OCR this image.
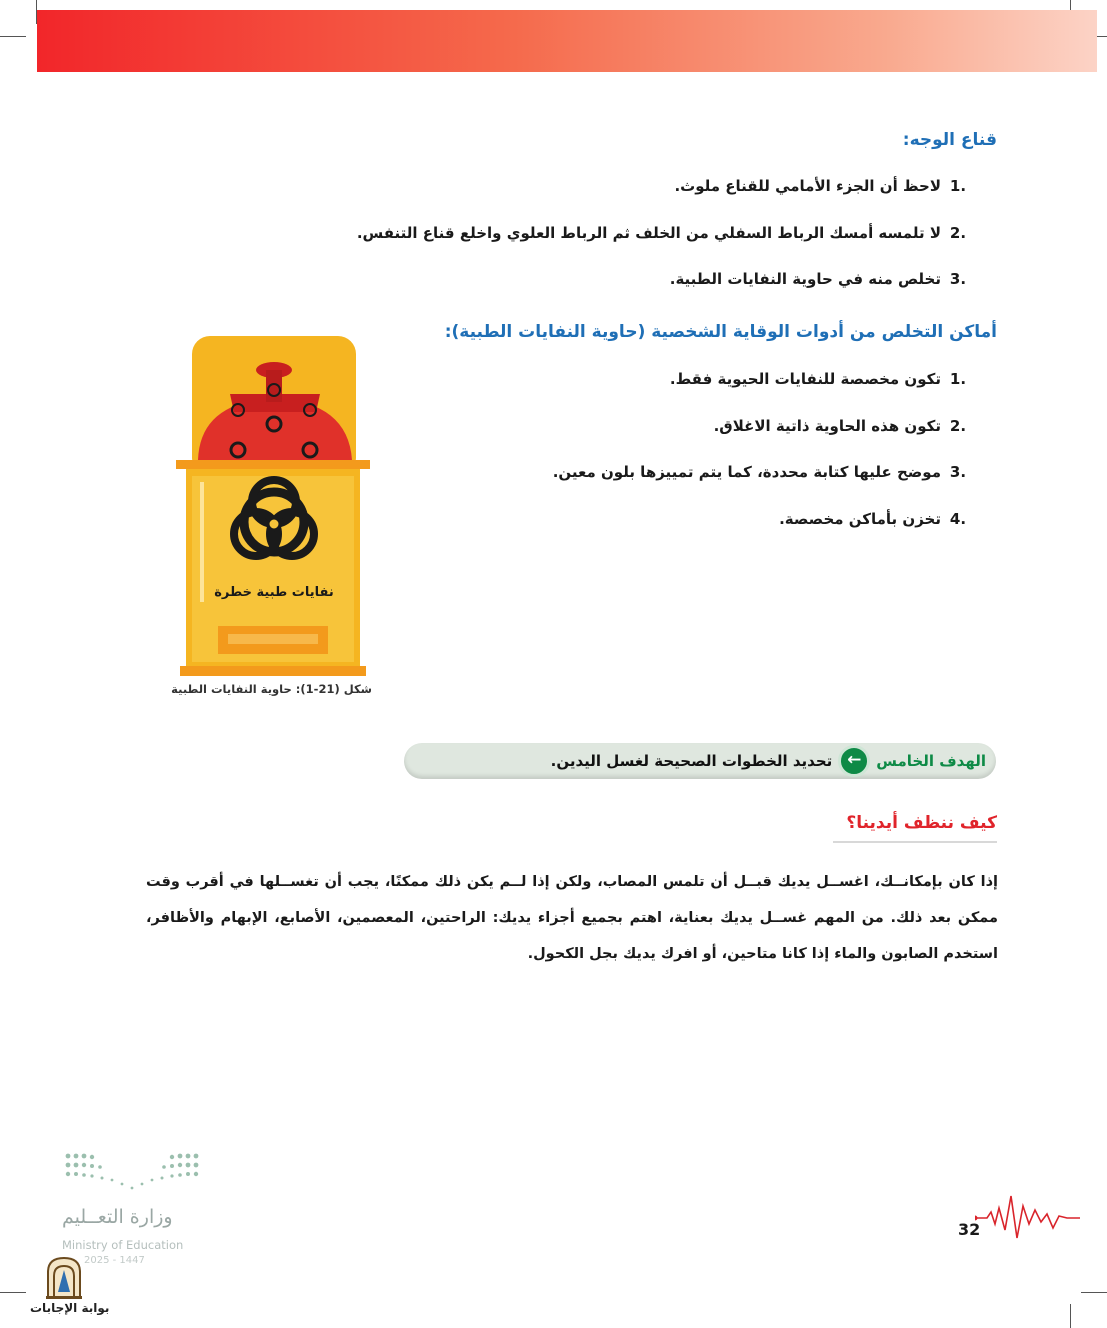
قناع الوجه:
1.
لاحظ أن الجزء الأمامي للقناع ملوث.
2.
لا تلمسه أمسك الرباط السفلي من الخلف ثم الرباط العلوي واخلع قناع التنفس.
3.
تخلص منه في حاوية النفايات الطبية.
أماكن التخلص من أدوات الوقاية الشخصية (حاوية النفايات الطبية):
1.
تكون مخصصة للنفايات الحيوية فقط.
2.
تكون هذه الحاوية ذاتية الاغلاق.
3.
موضح عليها كتابة محددة، كما يتم تمييزها بلون معين.
4.
تخزن بأماكن مخصصة.
نفايات طبية خطرة
شكل (21-1): حاوية النفايات الطبية
الهدف الخامس
←
تحديد الخطوات الصحيحة لغسل اليدين.
كيف ننظف أيدينا؟
إذا كان بإمكانــك، اغســل يديك قبــل أن تلمس المصاب، ولكن إذا لــم يكن ذلك ممكنًا، يجب أن تغســلها في أقرب وقت ممكن بعد ذلك. من المهم غســل يديك بعناية، اهتم بجميع أجزاء يديك: الراحتين، المعصمين، الأصابع، الإبهام والأظافر، استخدم الصابون والماء إذا كانا متاحين، أو افرك يديك بجل الكحول.
وزارة التعــليم
Ministry of Education
2025 - 1447
بوابة الإجابات
32
